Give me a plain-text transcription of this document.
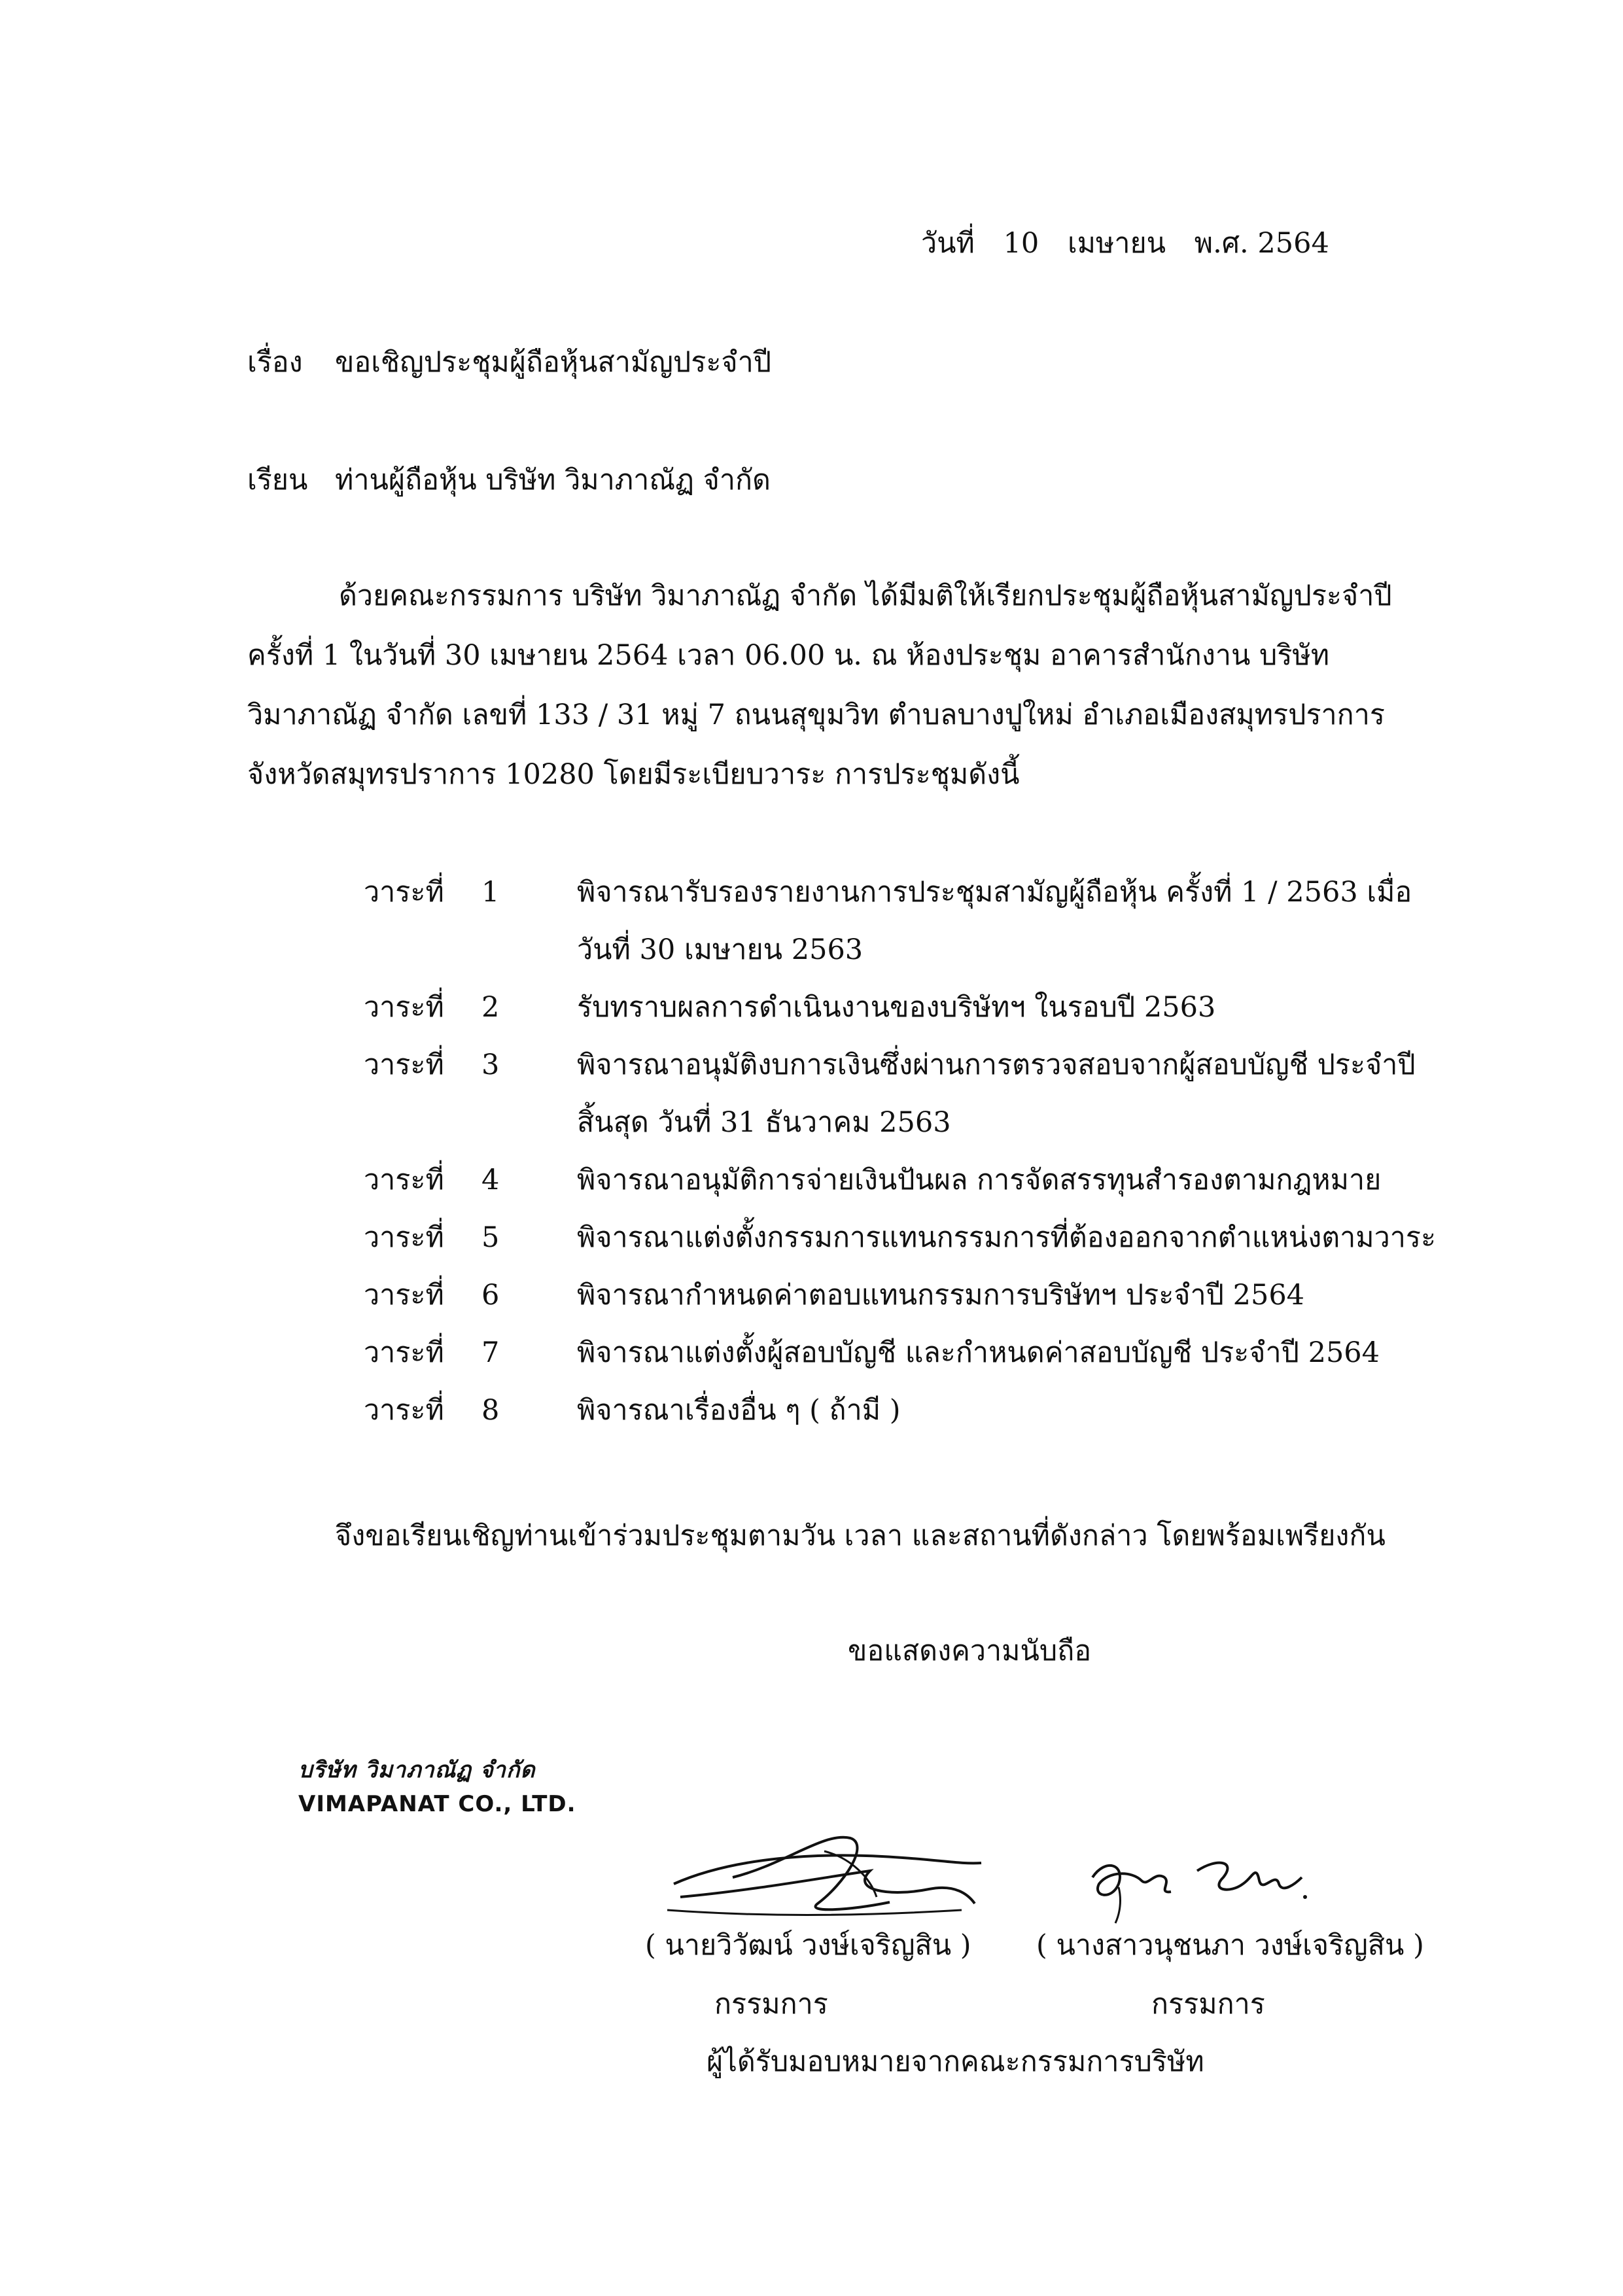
วันที่ 10 เมษายน พ.ศ. 2564
เรื่อง ขอเชิญประชุมผู้ถือหุ้นสามัญประจำปี
เรียน ท่านผู้ถือหุ้น บริษัท วิมาภาณัฏ จำกัด
ด้วยคณะกรรมการ บริษัท วิมาภาณัฏ จำกัด ได้มีมติให้เรียกประชุมผู้ถือหุ้นสามัญประจำปี
ครั้งที่ 1 ในวันที่ 30 เมษายน 2564 เวลา 06.00 น. ณ ห้องประชุม อาคารสำนักงาน บริษัท
วิมาภาณัฏ จำกัด เลขที่ 133 / 31 หมู่ 7 ถนนสุขุมวิท ตำบลบางปูใหม่ อำเภอเมืองสมุทรปราการ
จังหวัดสมุทรปราการ 10280 โดยมีระเบียบวาระ การประชุมดังนี้
วาระที่ 1	พิจารณารับรองรายงานการประชุมสามัญผู้ถือหุ้น ครั้งที่ 1 / 2563 เมื่อ วันที่ 30 เมษายน 2563
วาระที่ 2	รับทราบผลการดำเนินงานของบริษัทฯ ในรอบปี 2563
วาระที่ 3	พิจารณาอนุมัติงบการเงินซึ่งผ่านการตรวจสอบจากผู้สอบบัญชี ประจำปี สิ้นสุด วันที่ 31 ธันวาคม 2563
วาระที่ 4	พิจารณาอนุมัติการจ่ายเงินปันผล การจัดสรรทุนสำรองตามกฎหมาย
วาระที่ 5	พิจารณาแต่งตั้งกรรมการแทนกรรมการที่ต้องออกจากตำแหน่งตามวาระ
วาระที่ 6	พิจารณากำหนดค่าตอบแทนกรรมการบริษัทฯ ประจำปี 2564
วาระที่ 7	พิจารณาแต่งตั้งผู้สอบบัญชี และกำหนดค่าสอบบัญชี ประจำปี 2564
วาระที่ 8	พิจารณาเรื่องอื่น ๆ ( ถ้ามี )
จึงขอเรียนเชิญท่านเข้าร่วมประชุมตามวัน เวลา และสถานที่ดังกล่าว โดยพร้อมเพรียงกัน
ขอแสดงความนับถือ
บริษัท วิมาภาณัฏ จำกัด
VIMAPANAT CO., LTD.
( นายวิวัฒน์ วงษ์เจริญสิน ) ( นางสาวนุชนภา วงษ์เจริญสิน )
กรรมการ	กรรมการ
ผู้ได้รับมอบหมายจากคณะกรรมการบริษัท
